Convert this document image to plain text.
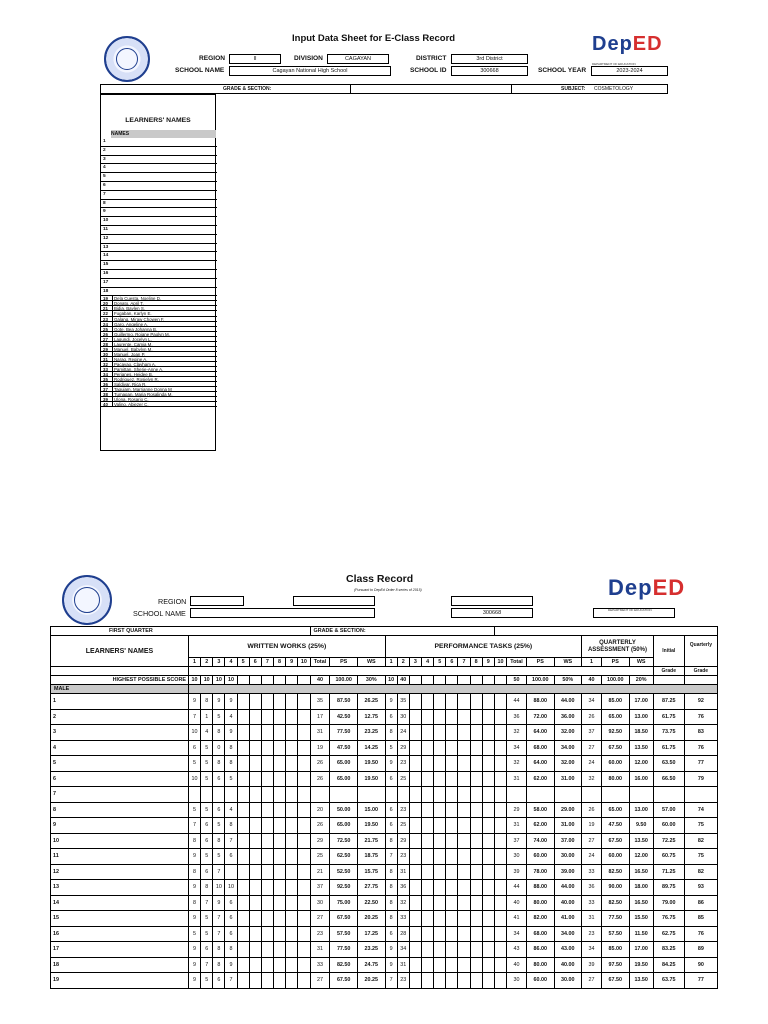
Input Data Sheet for E-Class Record	DepED
DEPARTMENT OF EDUCATION
REGION	II	DIVISION	CAGAYAN	DISTRICT	3rd District
SCHOOL NAME	Cagayan National High School	SCHOOL ID	300668	SCHOOL YEAR	2023-2024
GRADE & SECTION:	SUBJECT: COSMETOLOGY
LEARNERS' NAMES
NAMES
1
2
3
4
5
6
7
8
9
10
11
12
13
14
15
16
17
18
19	Dela Cuesta, Noeline D.
20	Donato, April T.
21	Bidia, Baylen S.
22	Fugaban, Karlyn E.
23	Galang, Miraw Chowen F.
24	Garo, Angeline A.
25	Gote, Bea Johanna B.
26	Guillermo, Rojane Paolyn M.
27	Lagundi, Jocelyn L.
28	Laurente, Camia M.
29	Manuel, Babylyn M.
30	Manuel, Joan P.
31	Narag, Regine A.
32	Pacayao, Clayham A.
33	Pamittan, Sherie-Anne A.
34	Perjanes, Heidee B.
35	Rodriguez, Rosielyn R.
36	Saldivar, Rica R.
37	Taguiam, Marrianne Donna M
38	Tumagan, Maria Rosalinda M.
39	Ulona, Rosario C.
40	Valino, Abiezer C.
Class Record
(Pursuant to DepEd Order 8 series of 2015)	DepED
DEPARTMENT OF EDUCATION
REGION
SCHOOL NAME	300668
FIRST QUARTER											GRADE & SECTION:																				
LEARNERS' NAMES	WRITTEN WORKS (25%)													PERFORMANCE TASKS (25%)													QUARTERLY ASSESSMENT (50%)			Initial	Quarterly
	1	2	3	4	5	6	7	8	9	10	Total	PS	WS	1	2	3	4	5	6	7	8	9	10	Total	PS	WS	1	PS	WS		
																														Grade	Grade
HIGHEST POSSIBLE SCORE	10	10	10	10							40	100.00	30%	10	40									50	100.00	50%	40	100.00	20%		
MALE																															
1	9	8	9	9							35	87.50	26.25	9	35									44	88.00	44.00	34	85.00	17.00	87.25	92
2	7	1	5	4							17	42.50	12.75	6	30									36	72.00	36.00	26	65.00	13.00	61.75	76
3	10	4	8	9							31	77.50	23.25	8	24									32	64.00	32.00	37	92.50	18.50	73.75	83
4	6	5	0	8							19	47.50	14.25	5	29									34	68.00	34.00	27	67.50	13.50	61.75	76
5	5	5	8	8							26	65.00	19.50	9	23									32	64.00	32.00	24	60.00	12.00	63.50	77
6	10	5	6	5							26	65.00	19.50	6	25									31	62.00	31.00	32	80.00	16.00	66.50	79
7																															
8	5	5	6	4							20	50.00	15.00	6	23									29	58.00	29.00	26	65.00	13.00	57.00	74
9	7	6	5	8							26	65.00	19.50	6	25									31	62.00	31.00	19	47.50	9.50	60.00	75
10	8	6	8	7							29	72.50	21.75	8	29									37	74.00	37.00	27	67.50	13.50	72.25	82
11	9	5	5	6							25	62.50	18.75	7	23									30	60.00	30.00	24	60.00	12.00	60.75	75
12	8	6	7								21	52.50	15.75	8	31									39	78.00	39.00	33	82.50	16.50	71.25	82
13	9	8	10	10							37	92.50	27.75	8	36									44	88.00	44.00	36	90.00	18.00	89.75	93
14	8	7	9	6							30	75.00	22.50	8	32									40	80.00	40.00	33	82.50	16.50	79.00	86
15	9	5	7	6							27	67.50	20.25	8	33									41	82.00	41.00	31	77.50	15.50	76.75	85
16	5	5	7	6							23	57.50	17.25	6	28									34	68.00	34.00	23	57.50	11.50	62.75	76
17	9	6	8	8							31	77.50	23.25	9	34									43	86.00	43.00	34	85.00	17.00	83.25	89
18	9	7	8	9							33	82.50	24.75	9	31									40	80.00	40.00	39	97.50	19.50	84.25	90
19	9	5	6	7							27	67.50	20.25	7	23									30	60.00	30.00	27	67.50	13.50	63.75	77
